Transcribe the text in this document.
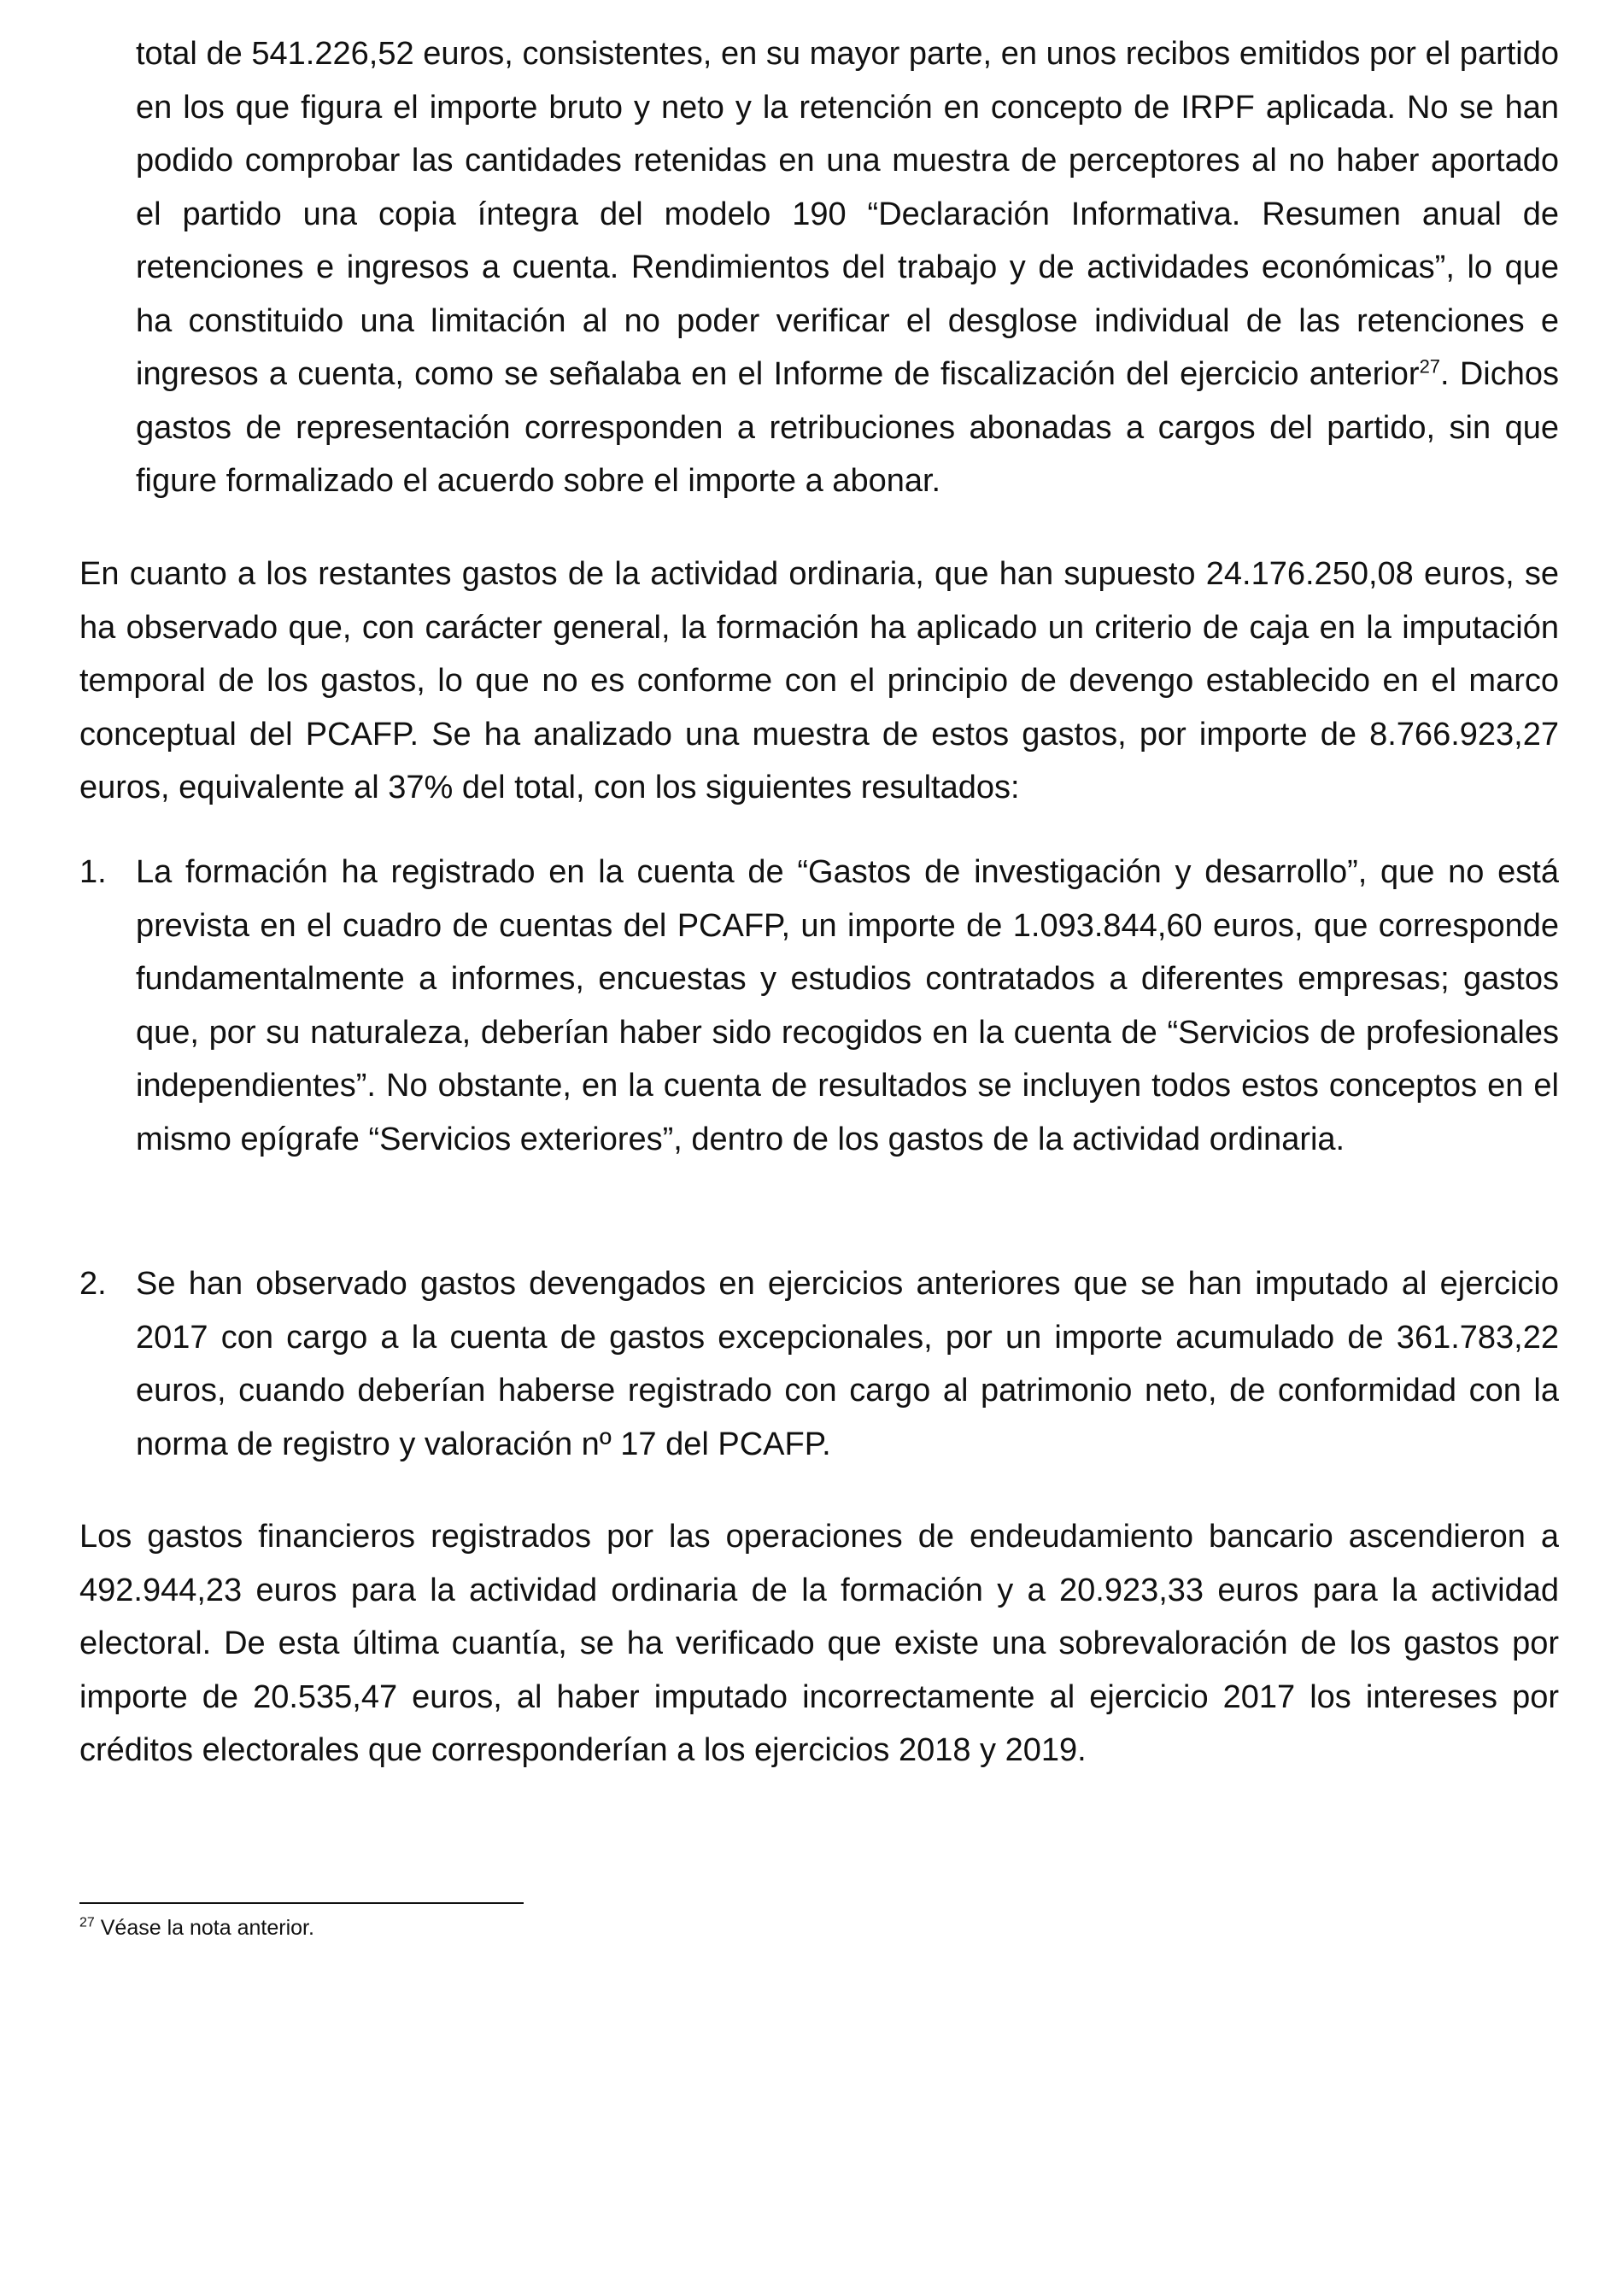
total de 541.226,52 euros, consistentes, en su mayor parte, en unos recibos emitidos por el partido en los que figura el importe bruto y neto y la retención en concepto de IRPF aplicada. No se han podido comprobar las cantidades retenidas en una muestra de perceptores al no haber aportado el partido una copia íntegra del modelo 190 “Declaración Informativa. Resumen anual de retenciones e ingresos a cuenta. Rendimientos del trabajo y de actividades económicas”, lo que ha constituido una limitación al no poder verificar el desglose individual de las retenciones e ingresos a cuenta, como se señalaba en el Informe de fiscalización del ejercicio anterior$^{27}$. Dichos gastos de representación corresponden a retribuciones abonadas a cargos del partido, sin que figure formalizado el acuerdo sobre el importe a abonar.

En cuanto a los restantes gastos de la actividad ordinaria, que han supuesto 24.176.250,08 euros, se ha observado que, con carácter general, la formación ha aplicado un criterio de caja en la imputación temporal de los gastos, lo que no es conforme con el principio de devengo establecido en el marco conceptual del PCAFP. Se ha analizado una muestra de estos gastos, por importe de 8.766.923,27 euros, equivalente al 37% del total, con los siguientes resultados:

1. La formación ha registrado en la cuenta de “Gastos de investigación y desarrollo”, que no está prevista en el cuadro de cuentas del PCAFP, un importe de 1.093.844,60 euros, que corresponde fundamentalmente a informes, encuestas y estudios contratados a diferentes empresas; gastos que, por su naturaleza, deberían haber sido recogidos en la cuenta de “Servicios de profesionales independientes”. No obstante, en la cuenta de resultados se incluyen todos estos conceptos en el mismo epígrafe “Servicios exteriores”, dentro de los gastos de la actividad ordinaria.
2. Se han observado gastos devengados en ejercicios anteriores que se han imputado al ejercicio 2017 con cargo a la cuenta de gastos excepcionales, por un importe acumulado de 361.783,22 euros, cuando deberían haberse registrado con cargo al patrimonio neto, de conformidad con la norma de registro y valoración nº 17 del PCAFP.

Los gastos financieros registrados por las operaciones de endeudamiento bancario ascendieron a 492.944,23 euros para la actividad ordinaria de la formación y a 20.923,33 euros para la actividad electoral. De esta última cuantía, se ha verificado que existe una sobrevaloración de los gastos por importe de 20.535,47 euros, al haber imputado incorrectamente al ejercicio 2017 los intereses por créditos electorales que corresponderían a los ejercicios 2018 y 2019.

$^{27}$ Véase la nota anterior.
